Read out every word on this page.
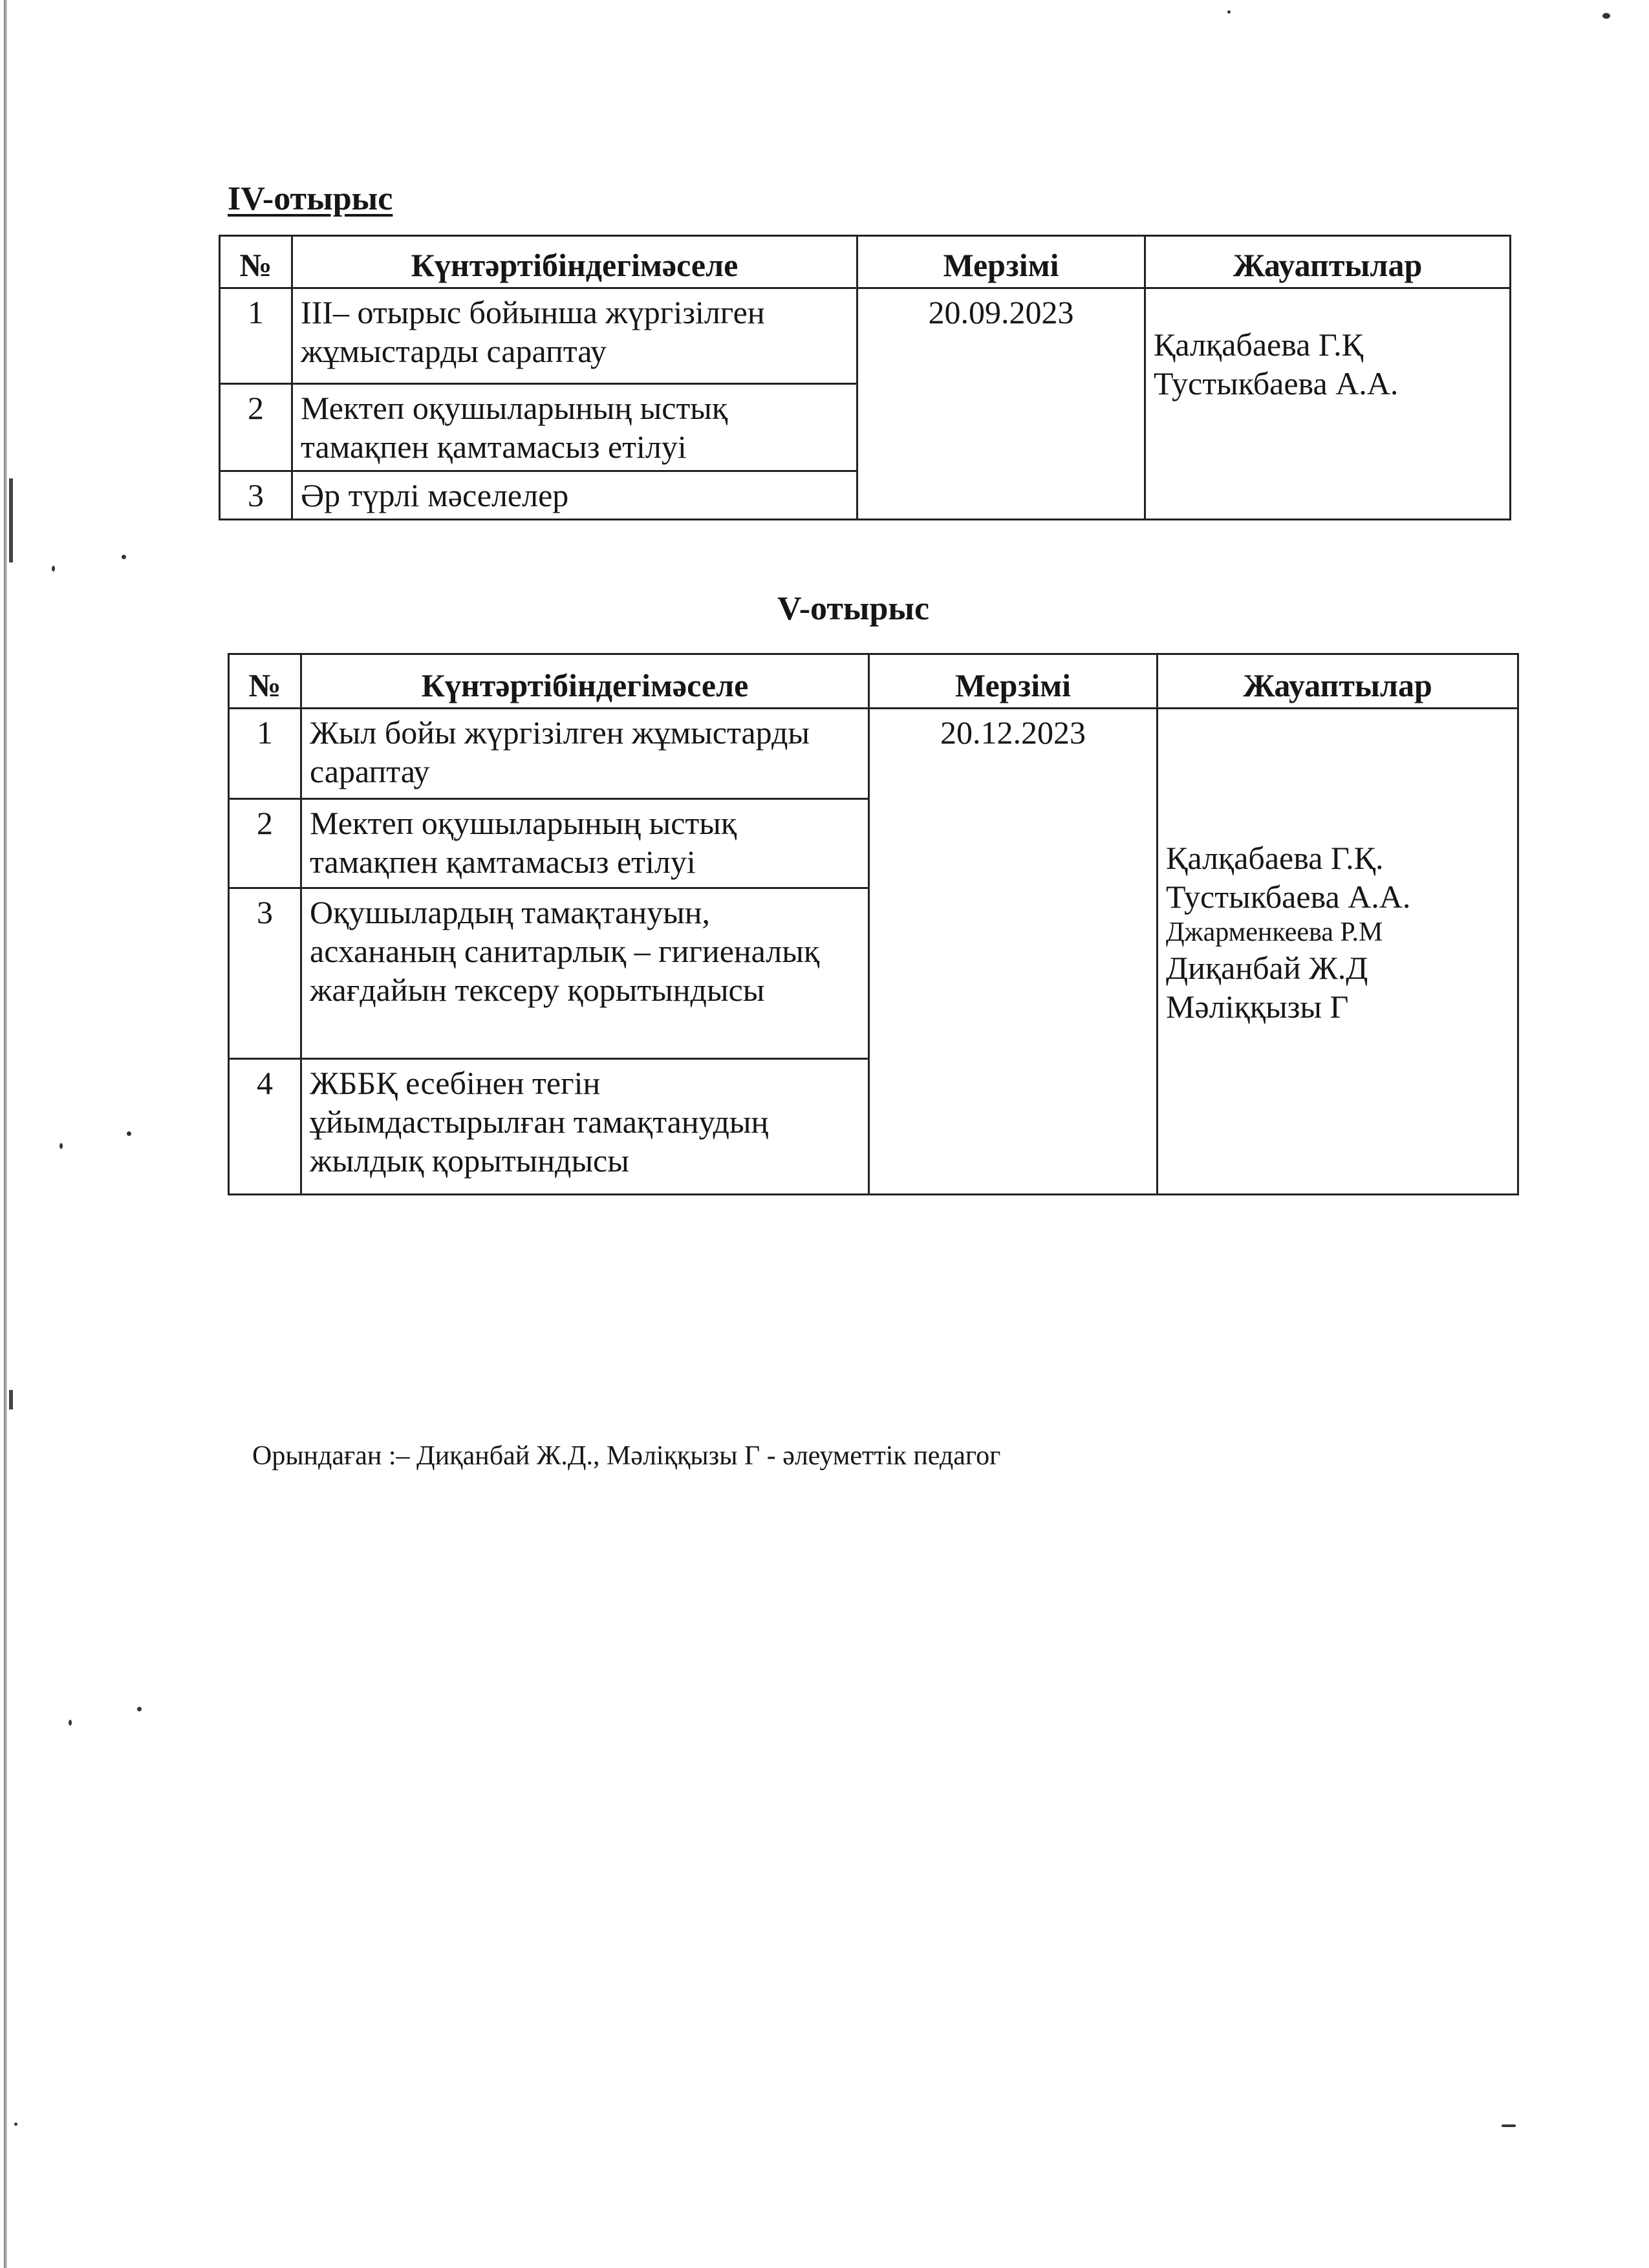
IV-отырыс
№	Күнтәртібіндегімәселе	Мерзімі	Жауаптылар
1	III– отырыс бойынша жүргізілген жұмыстарды сараптау	20.09.2023	Қалқабаева Г.Қ
Тустыкбаева А.А.

2	Мектеп оқушыларының ыстық тамақпен қамтамасыз етілуі		
3	Әр түрлі мәселелер		
V-отырыс
№	Күнтәртібіндегімәселе	Мерзімі	Жауаптылар
1	Жыл бойы жүргізілген жұмыстарды сараптау	20.12.2023	Қалқабаева Г.Қ.
Тустыкбаева А.А.
Джарменкеева Р.М
Диқанбай Ж.Д
Мәліққызы Г

2	Мектеп оқушыларының ыстық тамақпен қамтамасыз етілуі		
3	Оқушылардың тамақтануын, асхананың санитарлық – гигиеналық жағдайын тексеру қорытындысы		
4	ЖББҚ есебінен тегін ұйымдастырылған тамақтанудың жылдық қорытындысы		

Орындаған :– Диқанбай Ж.Д., Мәліққызы Г - әлеуметтік педагог
